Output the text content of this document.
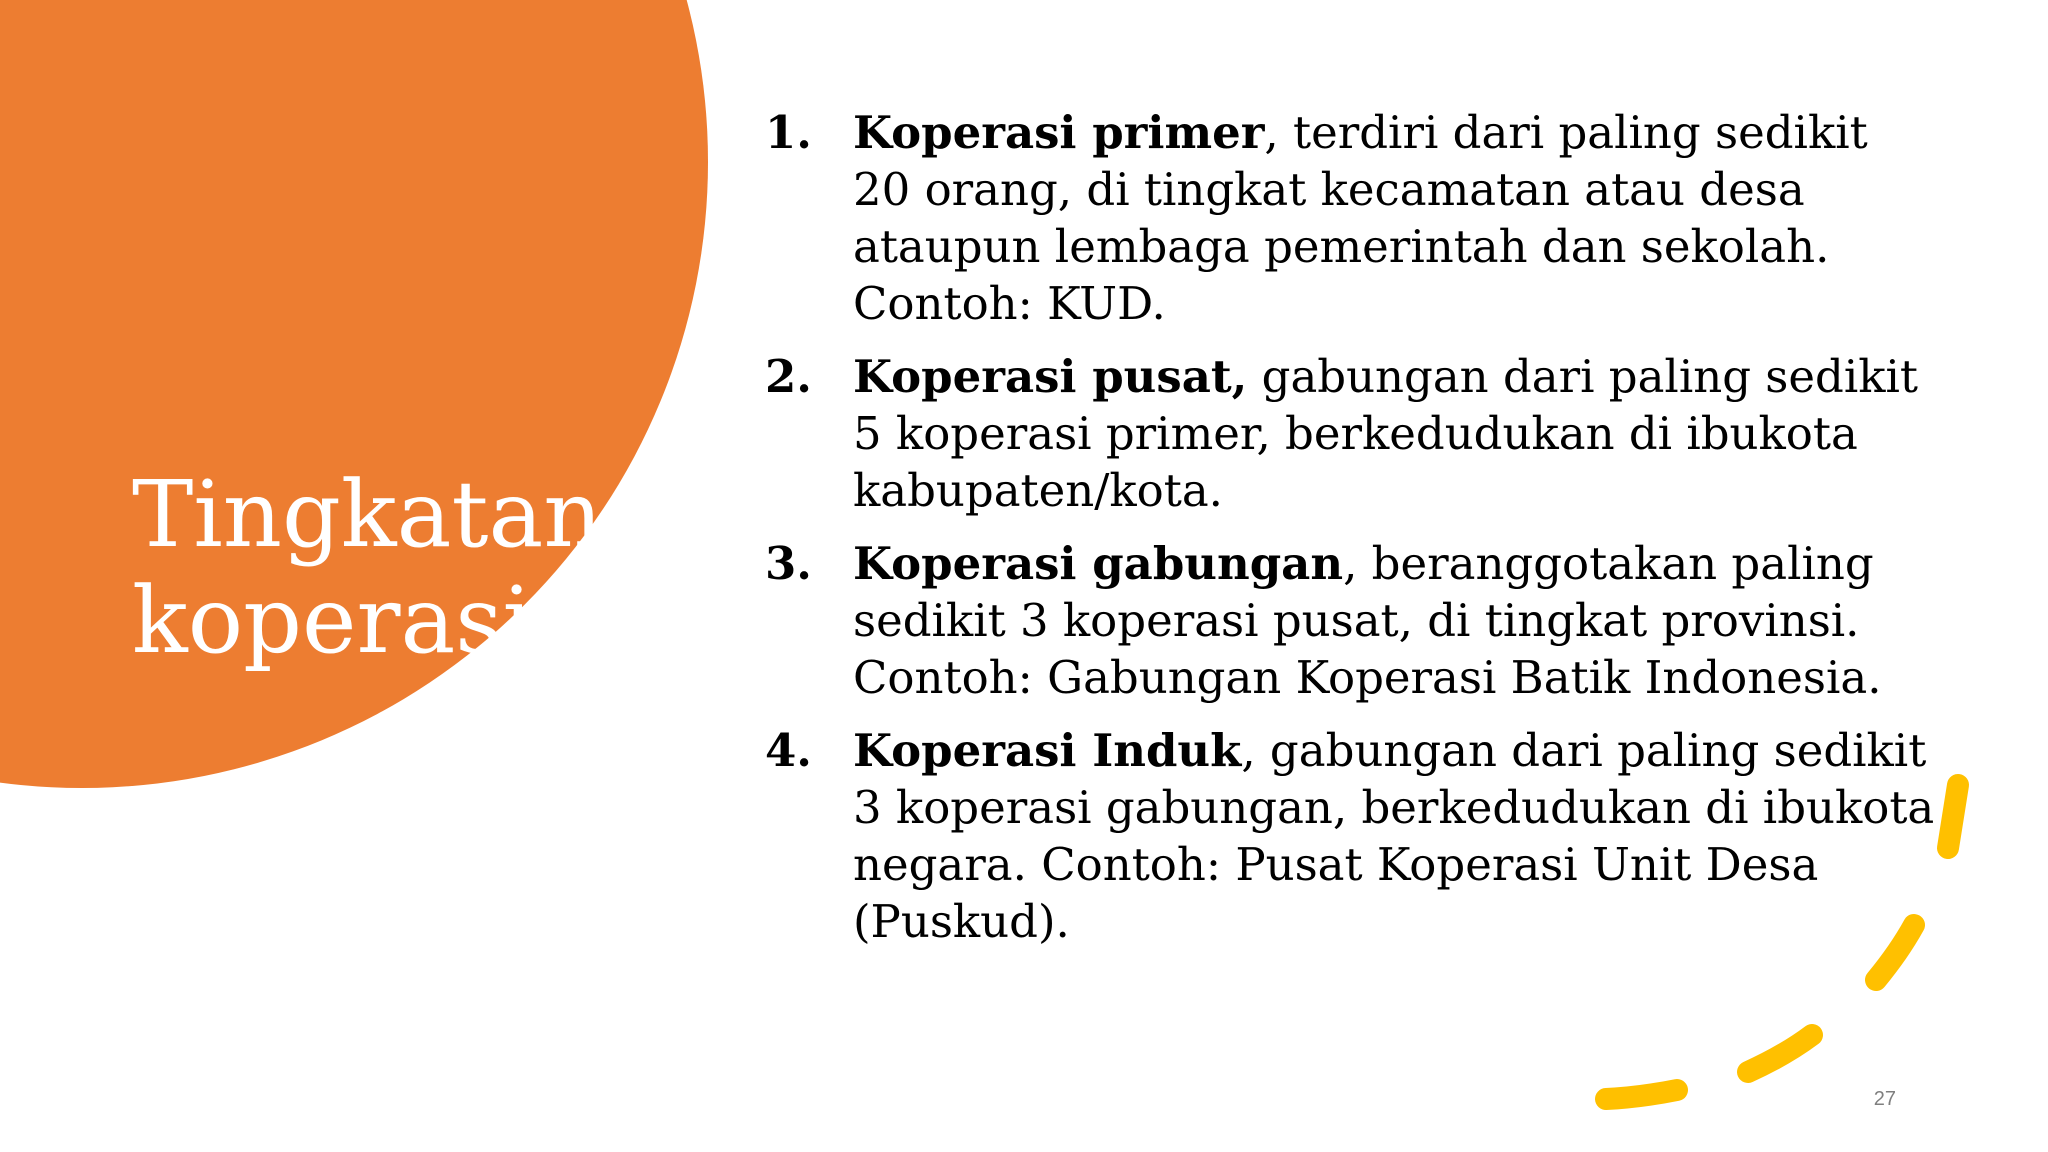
Tingkatan
koperasi:
1. Koperasi primer, terdiri dari paling sedikit 20 orang, di tingkat kecamatan atau desa ataupun lembaga pemerintah dan sekolah. Contoh: KUD.
2. Koperasi pusat, gabungan dari paling sedikit 5 koperasi primer, berkedudukan di ibukota kabupaten/kota.
3. Koperasi gabungan, beranggotakan paling sedikit 3 koperasi pusat, di tingkat provinsi. Contoh: Gabungan Koperasi Batik Indonesia.
4. Koperasi Induk, gabungan dari paling sedikit 3 koperasi gabungan, berkedudukan di ibukota negara. Contoh: Pusat Koperasi Unit Desa (Puskud).
27
